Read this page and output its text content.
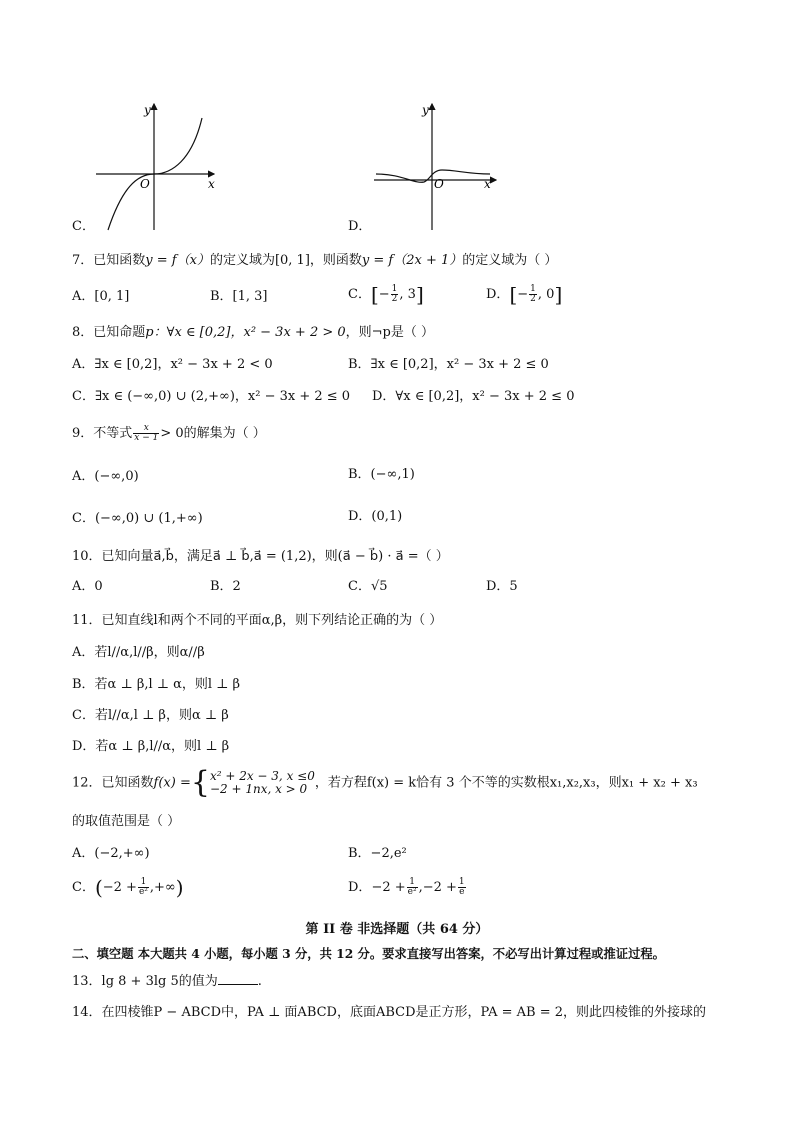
y
x
O
C．
y
x
O
D．
7．已知函数y = f（x）的定义域为[0, 1]，则函数y = f（2x + 1）的定义域为（ ）
A．[0, 1]	B．[1, 3]	C．[− $\frac{1}{2}$ , 3]	D．[− $\frac{1}{2}$ , 0]
8．已知命题p：∀x ∈ [0,2]，x² − 3x + 2 > 0，则¬p是（ ）
A．∃x ∈ [0,2]，x² − 3x + 2 < 0	B．∃x ∈ [0,2]，x² − 3x + 2 ≤ 0
C．∃x ∈ (−∞,0) ∪ (2,+∞)，x² − 3x + 2 ≤ 0 D．∀x ∈ [0,2]，x² − 3x + 2 ≤ 0
9．不等式 $\frac{x}{x - 1} > 0$的解集为（ ）
A．(−∞,0)	B．(−∞,1)
C．(−∞,0) ∪ (1,+∞)	D．(0,1)
10．已知向量a⃗,b⃗，满足a⃗ ⊥ b⃗,a⃗ = (1,2)，则(a⃗ − b⃗) · a⃗ =（ ）
A．0	B．2	C．√5	D．5
11．已知直线l和两个不同的平面α,β，则下列结论正确的为（ ）
A．若l//α,l//β，则α//β
B．若α ⊥ β,l ⊥ α，则l ⊥ β
C．若l//α,l ⊥ β，则α ⊥ β
D．若α ⊥ β,l//α，则l ⊥ β
12．已知函数f(x) ={ x² + 2x − 3, x ≤0
−2 + 1nx, x > 0 ，若方程f(x) = k恰有 3 个不等的实数根x₁,x₂,x₃，则x₁ + x₂ + x₃
的取值范围是（ ）
A．(−2,+∞)	B．−2,e²
C．($-2 + \frac{1}{\text{e²}}$ ,+∞)	D．$-2 + \frac{1}{\text{e²}} ,-2 + \frac{1}{e}$
第 II 卷 非选择题（共 64 分）
二、填空题 本大题共 4 小题，每小题 3 分，共 12 分。要求直接写出答案，不必写出计算过程或推证过程。
13．lg 8 + 3lg 5的值为	.
14．在四棱锥P − ABCD中，PA ⊥ 面ABCD，底面ABCD是正方形，PA = AB = 2，则此四棱锥的外接球的
